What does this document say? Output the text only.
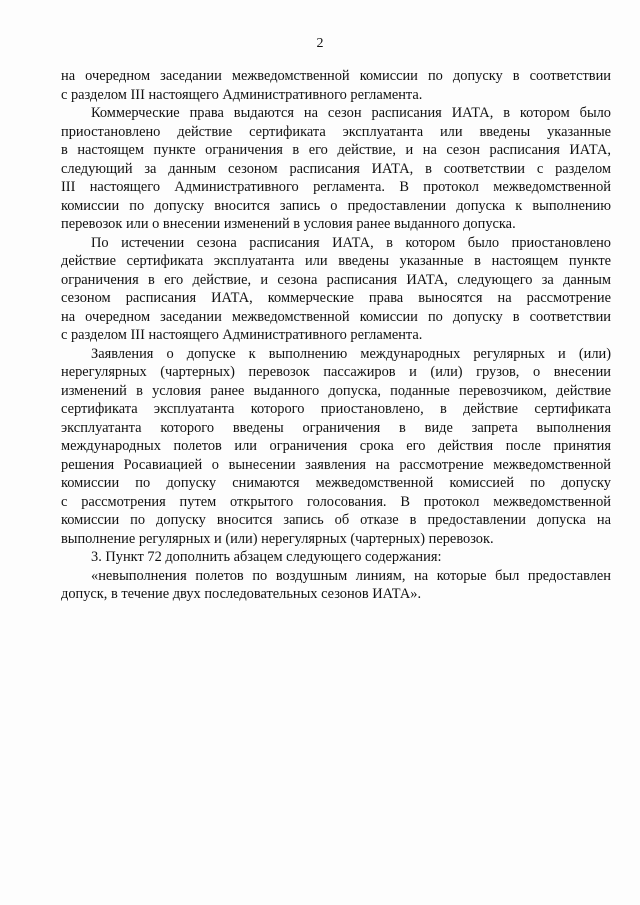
2
на очередном заседании межведомственной комиссии по допуску в соответствии
с разделом III настоящего Административного регламента.
Коммерческие права выдаются на сезон расписания ИАТА, в котором было
приостановлено действие сертификата эксплуатанта или введены указанные
в настоящем пункте ограничения в его действие, и на сезон расписания ИАТА,
следующий за данным сезоном расписания ИАТА, в соответствии с разделом
III настоящего Административного регламента. В протокол межведомственной
комиссии по допуску вносится запись о предоставлении допуска к выполнению
перевозок или о внесении изменений в условия ранее выданного допуска.
По истечении сезона расписания ИАТА, в котором было приостановлено
действие сертификата эксплуатанта или введены указанные в настоящем пункте
ограничения в его действие, и сезона расписания ИАТА, следующего за данным
сезоном расписания ИАТА, коммерческие права выносятся на рассмотрение
на очередном заседании межведомственной комиссии по допуску в соответствии
с разделом III настоящего Административного регламента.
Заявления о допуске к выполнению международных регулярных и (или)
нерегулярных (чартерных) перевозок пассажиров и (или) грузов, о внесении
изменений в условия ранее выданного допуска, поданные перевозчиком, действие
сертификата эксплуатанта которого приостановлено, в действие сертификата
эксплуатанта которого введены ограничения в виде запрета выполнения
международных полетов или ограничения срока его действия после принятия
решения Росавиацией о вынесении заявления на рассмотрение межведомственной
комиссии по допуску снимаются межведомственной комиссией по допуску
с рассмотрения путем открытого голосования. В протокол межведомственной
комиссии по допуску вносится запись об отказе в предоставлении допуска на
выполнение регулярных и (или) нерегулярных (чартерных) перевозок.
3. Пункт 72 дополнить абзацем следующего содержания:
«невыполнения полетов по воздушным линиям, на которые был предоставлен
допуск, в течение двух последовательных сезонов ИАТА».
